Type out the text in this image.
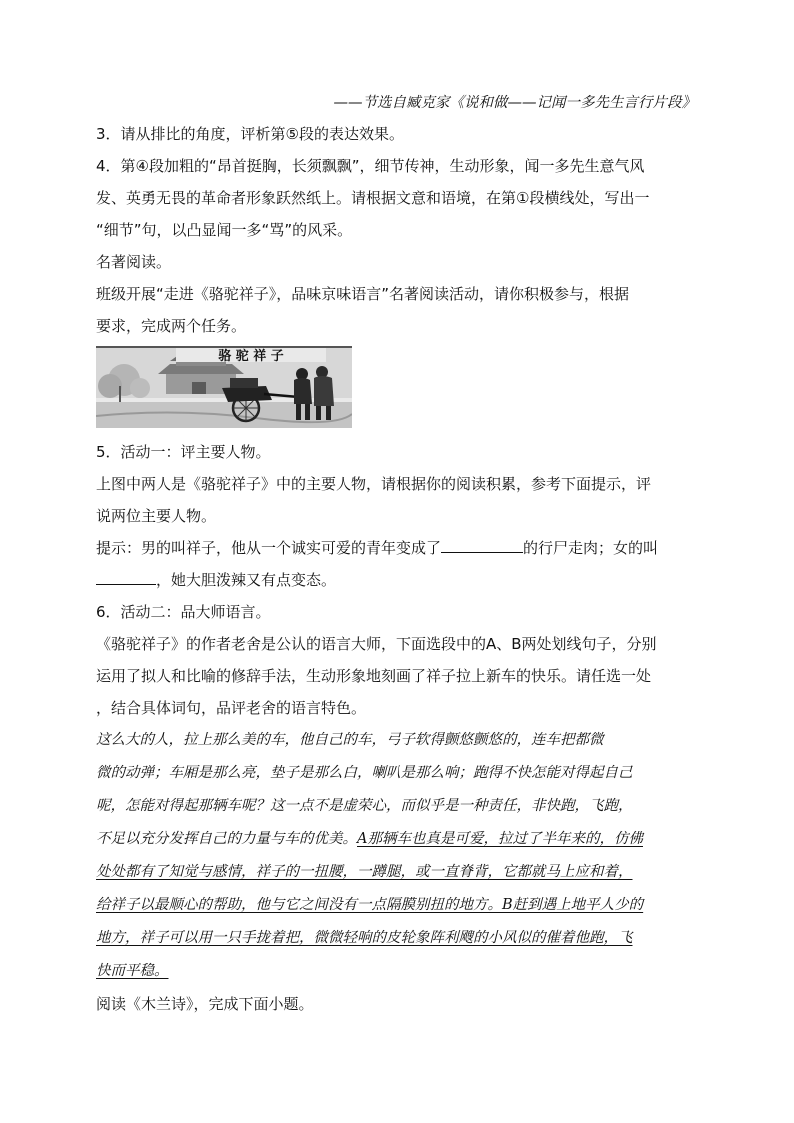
——节选自臧克家《说和做——记闻一多先生言行片段》

3．请从排比的角度，评析第⑤段的表达效果。

4．第④段加粗的“昂首挺胸，长须飘飘”，细节传神，生动形象，闻一多先生意气风

发、英勇无畏的革命者形象跃然纸上。请根据文意和语境，在第①段横线处，写出一

“细节”句，以凸显闻一多“骂”的风采。

名著阅读。

班级开展“走进《骆驼祥子》，品味京味语言”名著阅读活动，请你积极参与，根据

要求，完成两个任务。

骆 驼 祥 子

5．活动一：评主要人物。

上图中两人是《骆驼祥子》中的主要人物，请根据你的阅读积累，参考下面提示，评

说两位主要人物。

提示：男的叫祥子，他从一个诚实可爱的青年变成了	的行尸走肉；女的叫

，她大胆泼辣又有点变态。

6．活动二：品大师语言。

《骆驼祥子》的作者老舍是公认的语言大师，下面选段中的A、B两处划线句子，分别

运用了拟人和比喻的修辞手法，生动形象地刻画了祥子拉上新车的快乐。请任选一处

，结合具体词句，品评老舍的语言特色。

这么大的人，拉上那么美的车，他自己的车，弓子软得颤悠颤悠的，连车把都微

微的动弹；车厢是那么亮，垫子是那么白，喇叭是那么响；跑得不快怎能对得起自己

呢，怎能对得起那辆车呢？这一点不是虚荣心，而似乎是一种责任，非快跑，飞跑，

不足以充分发挥自己的力量与车的优美。A那辆车也真是可爱，拉过了半年来的，仿佛

处处都有了知觉与感情，祥子的一扭腰，一蹲腿，或一直脊背，它都就马上应和着，

给祥子以最顺心的帮助，他与它之间没有一点隔膜别扭的地方。B赶到遇上地平人少的

地方，祥子可以用一只手拢着把，微微轻响的皮轮象阵利飕的小风似的催着他跑，飞

快而平稳。

阅读《木兰诗》，完成下面小题。
